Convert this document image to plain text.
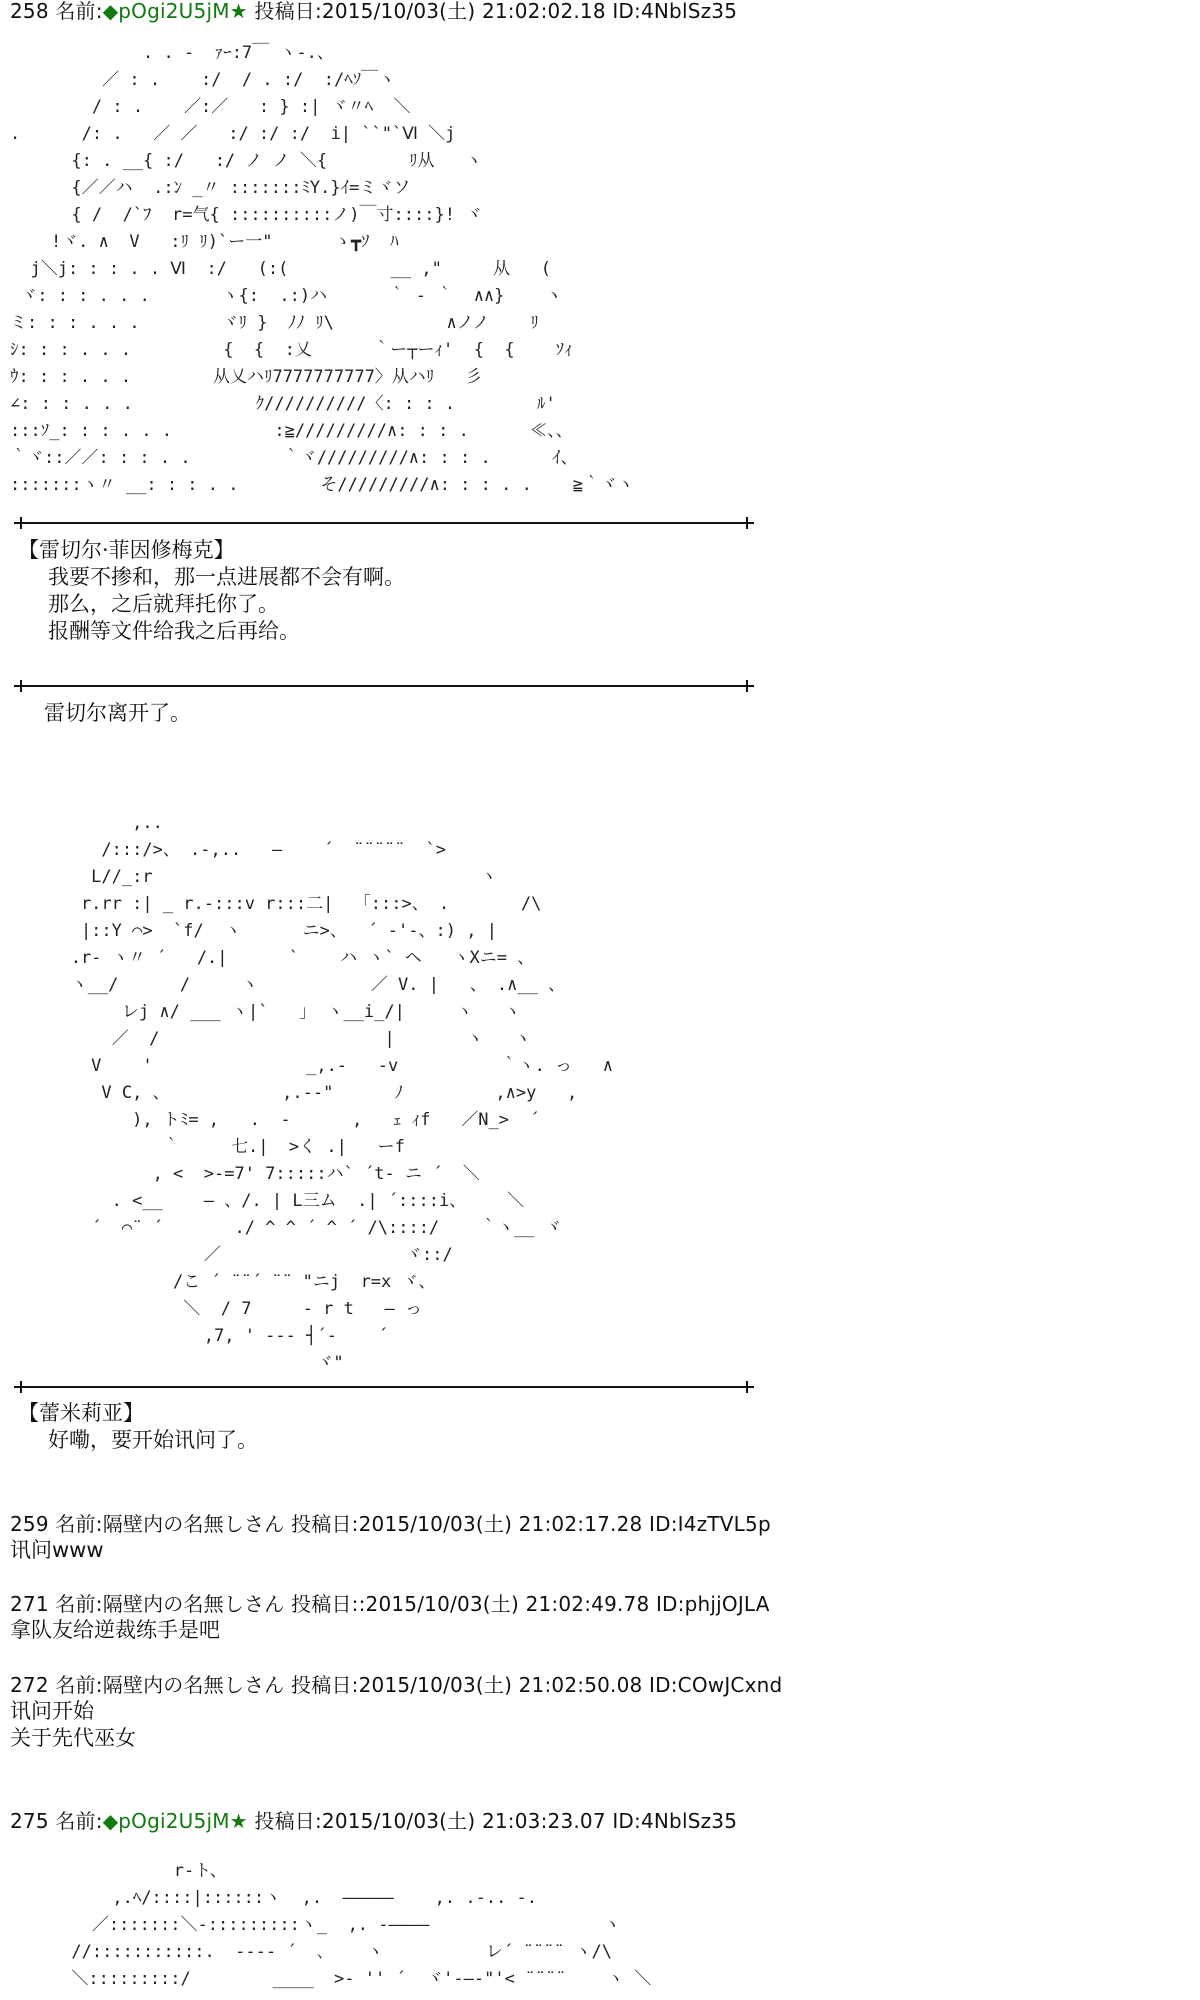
258 名前:◆pOgi2U5jM★ 投稿日:2015/10/03(土) 21:02:02.18 ID:4NblSz35
. . -  ｧｰ:7￣ ヽ-.、
／ : .    :/  / . :/  :/ﾍｿ￣ヽ
/ : .    ／:／   : } :| ヾ〃ﾍ  ＼
.      /: .   ／ ／   :/ :/ :/  i| ``"`Ⅵ ＼j
{: . __{ :/   :/ ノ ノ ＼{        ﾘ从   ヽ
{／／ハ  .:ﾝ _〃 :::::::ﾐY.}ｲ=ミヾソ
{ /  /`ﾌ  r=气{ ::::::::::ノ)￣寸::::}! ヾ
!ヾ. ∧  V   :ﾘ ﾘ)`ー一"      ゝ┳ｿ  ﾊ
j＼j: : : . . Ⅵ  :/   (:(          __ ,"     从   (
ヾ: : : . . .       ヽ{:  .:)ハ      ｀ ‐ ｀  ∧∧}    ヽ
ミ: : : . . .        ヾﾘ }  ﾉﾉ ﾘ\           ∧ノノ    ﾘ
ｼ: : : . . .         {  {  :乂      ｀ー┬ーｨ'  {  {    ｿｨ
ｳ: : : . . .        从乂ハﾘ7777777777〉从ハﾘ   彡
∠: : : . . .            ｸ//////////〈: : : .        ﾙ'
:::ｿ_: : : . . .          :≧/////////∧: : : .      ≪、、
｀ヾ::／／: : : . .         ｀ヾ/////////∧: : : .      ｲ、
:::::::ヽ〃 __: : : . .        そ/////////∧: : : . .    ≧｀ヾヽ
【雷切尔·菲因修梅克】
我要不掺和，那一点进展都不会有啊。
那么，之后就拜托你了。
报酬等文件给我之后再给。
雷切尔离开了。
,..
/:::/>、 .-,..   ―    ´  ¨¨¨¨¨  `>
L//_:r                                ヽ
r.rr :| _ r.-:::v r:::二|  「:::>、 .       /\
|::Y ⌒>  `f/  ヽ      ニ>、  ´ -'-、:) , |
.r- ヽ〃 ´   /.|      `    ハ ヽ` ヘ   ヽXニ= 、
ヽ__/      /     ヽ           ／ V. |   、 .∧__ 、
レj ∧/ ___ ヽ|`   」 ヽ__i_/|     ヽ   ヽ
／  /                      |       ヽ   ヽ
V    '               _,.-   -v          ｀ヽ. っ   ∧
V C, 、           ,.-‐"      ﾉ         ,∧>y   ,
), トﾐ= ,   .  -      ,   ｪ ｨf   ／N_>  ´
｀     七.|  >く .|   ーf
, <  >-=7' 7:::::ハ` ´t- ニ ´  ＼
. <__    ― 、/. | L三ム  .| ´::::i、    ＼
´  ⌒¨ ´       ./ ^ ^ ´ ^ ´ /\::::/    ｀ヽ__ ヾ
／                  ヾ::/
/こ ´ ¨¨´ ¨¨ "ニj  r=x ヾ、
＼  / 7     ‐ r t   ― っ
,7, ' ‐‐‐ ┤´‐    ´
ヾ"
【蕾米莉亚】
好嘞，要开始讯问了。
259 名前:隔壁内の名無しさん 投稿日:2015/10/03(土) 21:02:17.28 ID:I4zTVL5p
讯问www
271 名前:隔壁内の名無しさん 投稿日::2015/10/03(土) 21:02:49.78 ID:phjjOJLA
拿队友给逆裁练手是吧
272 名前:隔壁内の名無しさん 投稿日:2015/10/03(土) 21:02:50.08 ID:COwJCxnd
讯问开始
关于先代巫女
275 名前:◆pOgi2U5jM★ 投稿日:2015/10/03(土) 21:03:23.07 ID:4NblSz35
r-ト、
,.ﾍ/::::|::::::ヽ  ,.  ―――――    ,. .-.. -.
／:::::::＼-:::::::::ヽ_  ,. -――――                 ヽ
//:::::::::::.  ---- ´  ､    ヽ          レ´ ¨¨¨¨ ヽ/\
＼:::::::::/        ____  >- '' ´  ヾ'-―-"'< ¨¨¨¨    ヽ ＼
